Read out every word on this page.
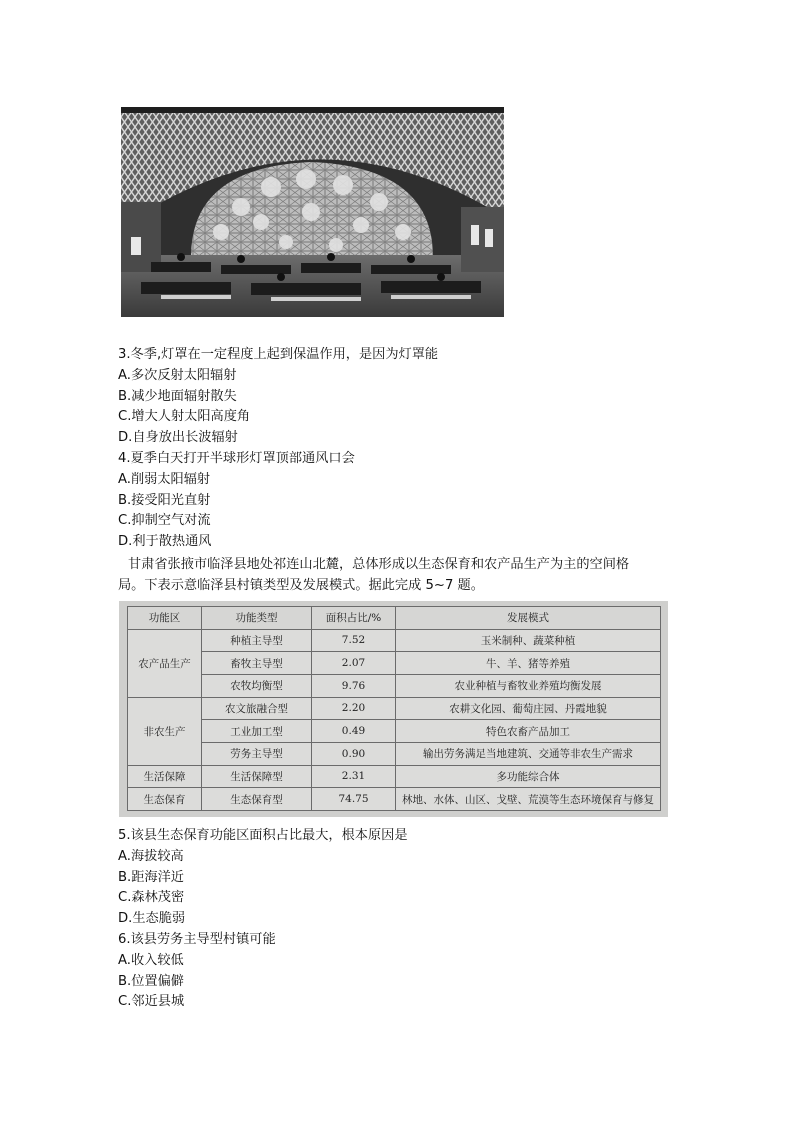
3.冬季,灯罩在一定程度上起到保温作用，是因为灯罩能
A.多次反射太阳辐射
B.减少地面辐射散失
C.增大人射太阳高度角
D.自身放出长波辐射
4.夏季白天打开半球形灯罩顶部通风口会
A.削弱太阳辐射
B.接受阳光直射
C.抑制空气对流
D.利于散热通风
甘肃省张掖市临泽县地处祁连山北麓，总体形成以生态保育和农产品生产为主的空间格
局。下表示意临泽县村镇类型及发展模式。据此完成 5~7 题。
功能区	功能类型	面积占比/%	发展模式
农产品生产	种植主导型	7.52	玉米制种、蔬菜种植
	畜牧主导型	2.07	牛、羊、猪等养殖
	农牧均衡型	9.76	农业种植与畜牧业养殖均衡发展
非农生产	农文旅融合型	2.20	农耕文化园、葡萄庄园、丹霞地貌
	工业加工型	0.49	特色农畜产品加工
	劳务主导型	0.90	输出劳务满足当地建筑、交通等非农生产需求
生活保障	生活保障型	2.31	多功能综合体
生态保育	生态保育型	74.75	林地、水体、山区、戈壁、荒漠等生态环境保育与修复
5.该县生态保育功能区面积占比最大，根本原因是
A.海拔较高
B.距海洋近
C.森林茂密
D.生态脆弱
6.该县劳务主导型村镇可能
A.收入较低
B.位置偏僻
C.邻近县城
